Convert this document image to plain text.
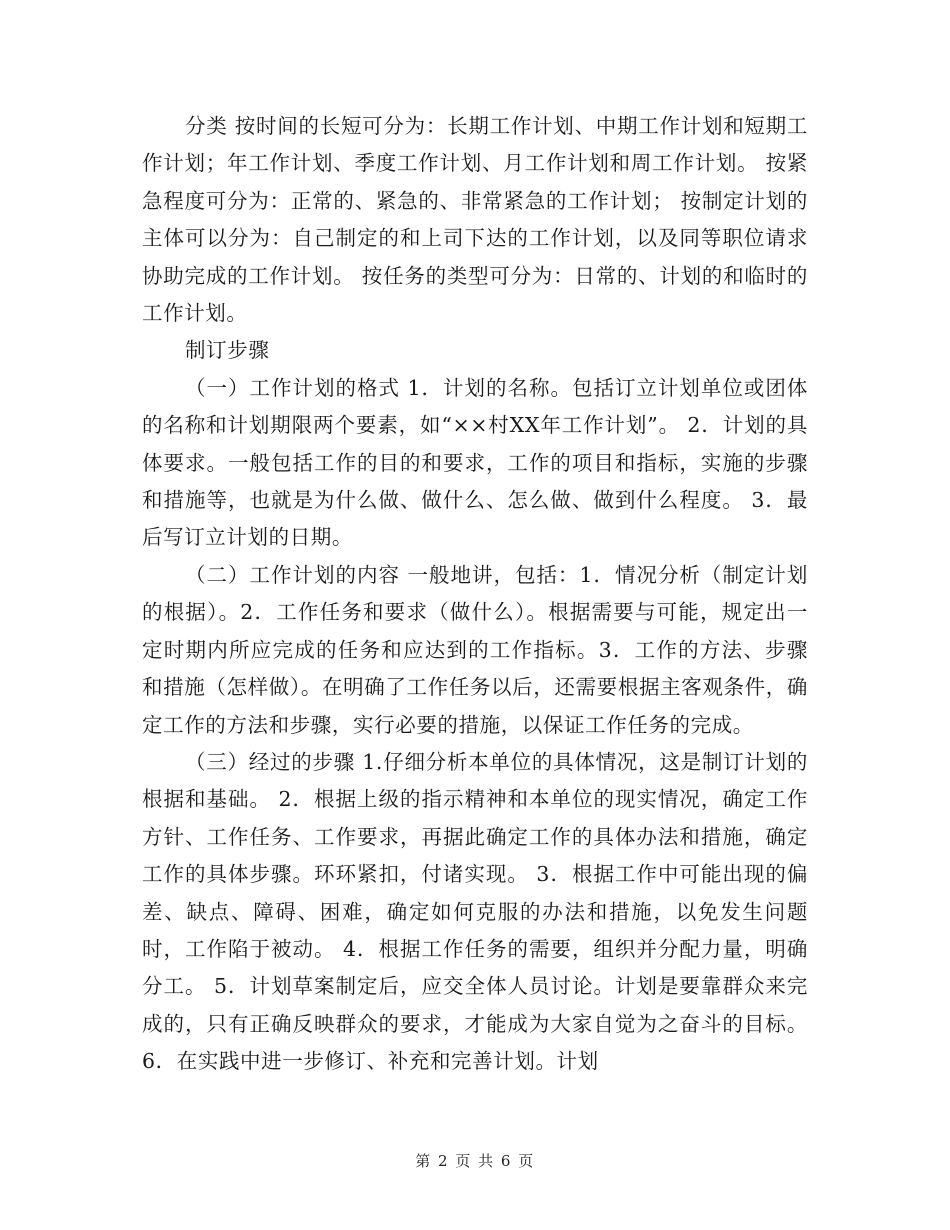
分类 按时间的长短可分为：长期工作计划、中期工作计划和短期工作计划；年工作计划、季度工作计划、月工作计划和周工作计划。 按紧急程度可分为：正常的、紧急的、非常紧急的工作计划； 按制定计划的主体可以分为：自己制定的和上司下达的工作计划，以及同等职位请求协助完成的工作计划。 按任务的类型可分为：日常的、计划的和临时的工作计划。

制订步骤

（一）工作计划的格式 1．计划的名称。包括订立计划单位或团体的名称和计划期限两个要素，如“××村XX年工作计划”。 2．计划的具体要求。一般包括工作的目的和要求，工作的项目和指标，实施的步骤和措施等，也就是为什么做、做什么、怎么做、做到什么程度。 3．最后写订立计划的日期。

（二）工作计划的内容 一般地讲，包括：1．情况分析（制定计划的根据）。2．工作任务和要求（做什么）。根据需要与可能，规定出一定时期内所应完成的任务和应达到的工作指标。3．工作的方法、步骤和措施（怎样做）。在明确了工作任务以后，还需要根据主客观条件，确定工作的方法和步骤，实行必要的措施，以保证工作任务的完成。

（三）经过的步骤 1.仔细分析本单位的具体情况，这是制订计划的根据和基础。 2．根据上级的指示精神和本单位的现实情况，确定工作方针、工作任务、工作要求，再据此确定工作的具体办法和措施，确定工作的具体步骤。环环紧扣，付诸实现。 3．根据工作中可能出现的偏差、缺点、障碍、困难，确定如何克服的办法和措施，以免发生问题时，工作陷于被动。 4．根据工作任务的需要，组织并分配力量，明确分工。 5．计划草案制定后，应交全体人员讨论。计划是要靠群众来完成的，只有正确反映群众的要求，才能成为大家自觉为之奋斗的目标。 6．在实践中进一步修订、补充和完善计划。计划

第 2 页 共 6 页
